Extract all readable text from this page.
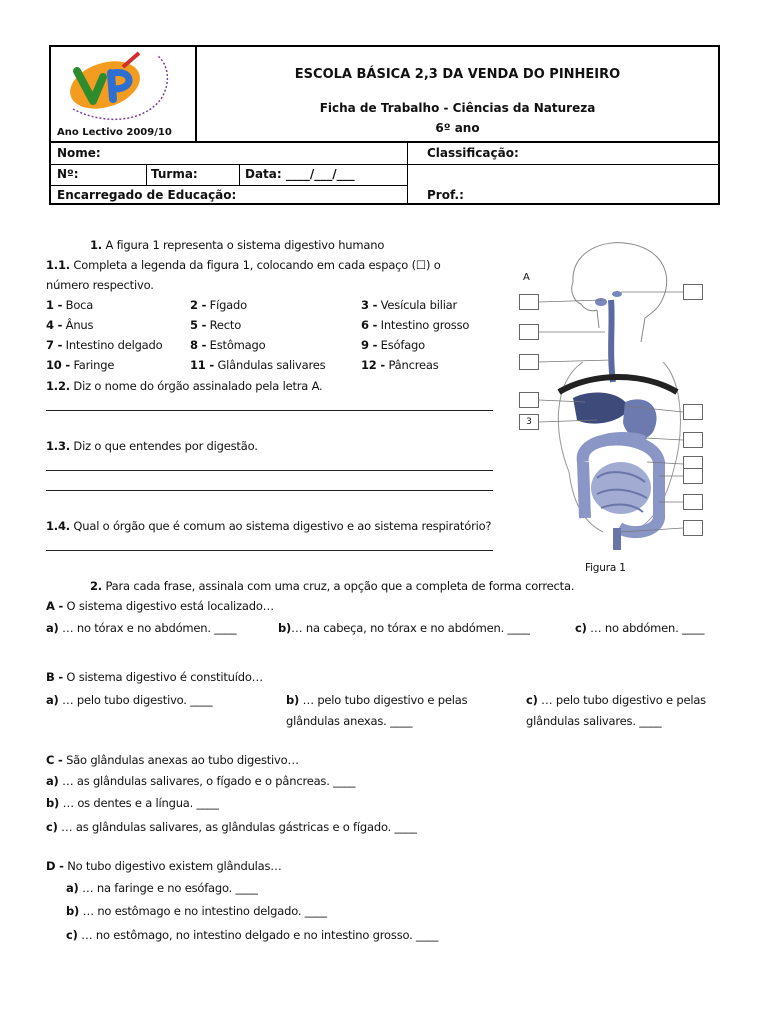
Ano Lectivo 2009/10
ESCOLA BÁSICA 2,3 DA VENDA DO PINHEIRO
Ficha de Trabalho - Ciências da Natureza
6º ano
Nome:	Classificação:
Nº:	Turma:	Data: ____/___/___
Encarregado de Educação:	Prof.:
1. A figura 1 representa o sistema digestivo humano
1.1. Completa a legenda da figura 1, colocando em cada espaço (☐) o
número respectivo.
1 - Boca	2 - Fígado	3 - Vesícula biliar
4 - Ânus	5 - Recto	6 - Intestino grosso
7 - Intestino delgado 8 - Estômago	9 - Esófago
10 - Faringe	11 - Glândulas salivares	12 - Pâncreas
1.2. Diz o nome do órgão assinalado pela letra A.
1.3. Diz o que entendes por digestão.
1.4. Qual o órgão que é comum ao sistema digestivo e ao sistema respiratório?
A
3
Figura 1
2. Para cada frase, assinala com uma cruz, a opção que a completa de forma correcta.
A - O sistema digestivo está localizado…
a) … no tórax e no abdómen. ____	b)… na cabeça, no tórax e no abdómen. ____	c) … no abdómen. ____
B - O sistema digestivo é constituído…
a) … pelo tubo digestivo. ____	b) … pelo tubo digestivo e pelas
glândulas anexas. ____
c) … pelo tubo digestivo e pelas
glândulas salivares. ____
C - São glândulas anexas ao tubo digestivo…
a) … as glândulas salivares, o fígado e o pâncreas. ____
b) … os dentes e a língua. ____
c) … as glândulas salivares, as glândulas gástricas e o fígado. ____
D - No tubo digestivo existem glândulas…
a) … na faringe e no esófago. ____
b) … no estômago e no intestino delgado. ____
c) … no estômago, no intestino delgado e no intestino grosso. ____
